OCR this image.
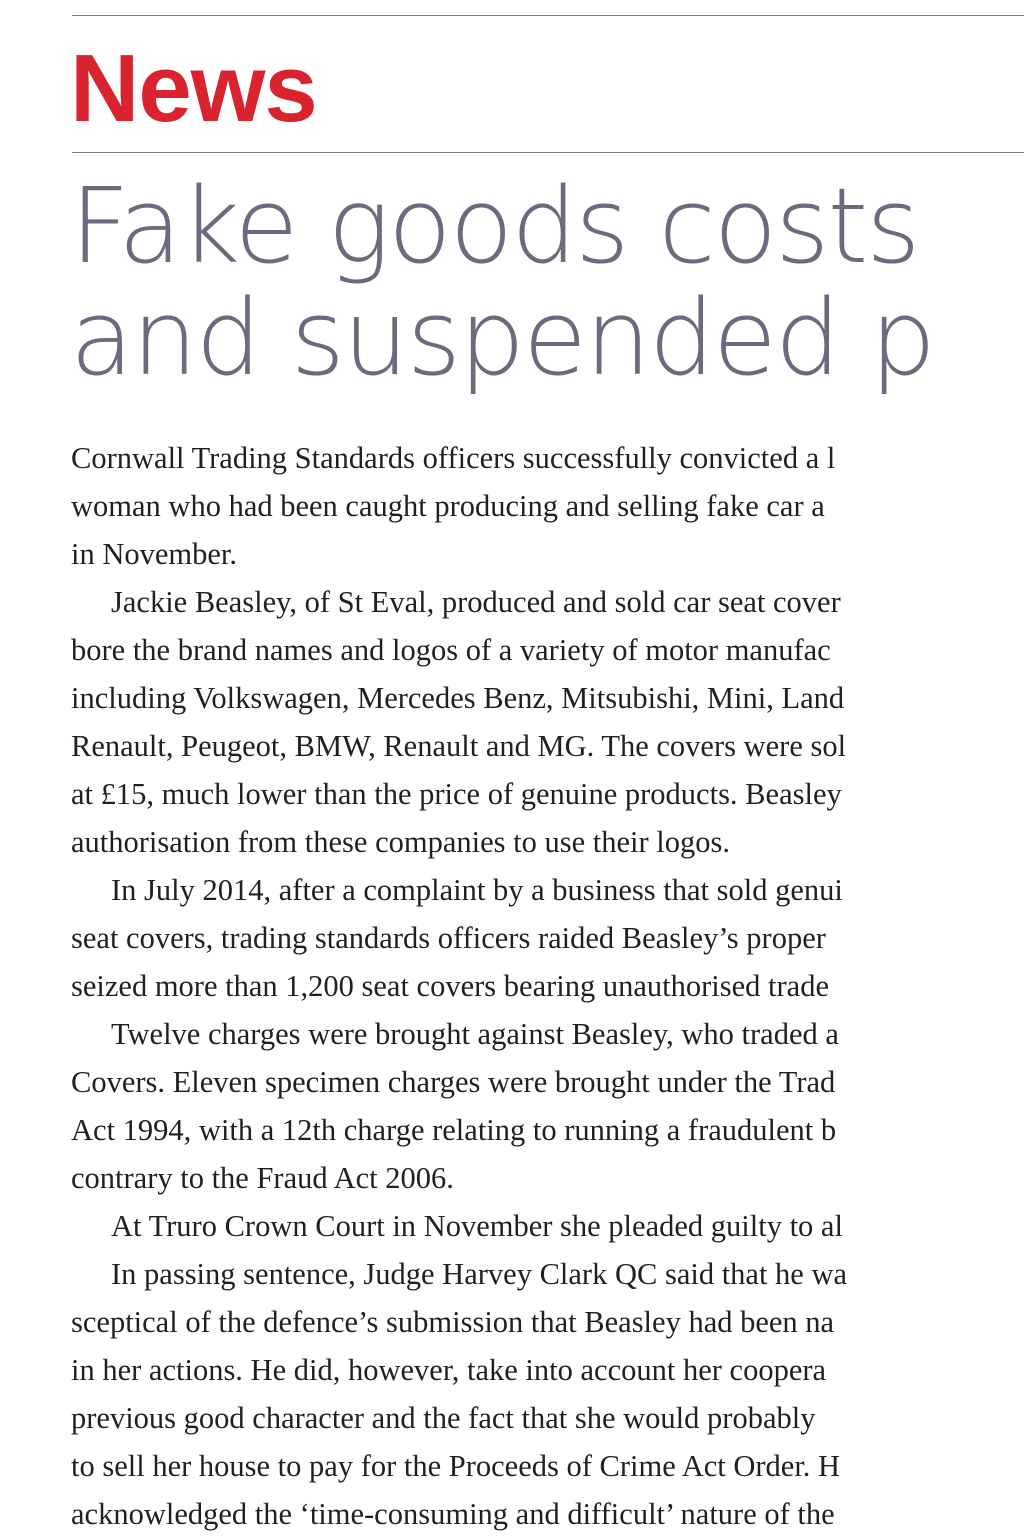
News
Fake goods costs
and suspended p
Cornwall Trading Standards officers successfully convicted a l
woman who had been caught producing and selling fake car a
in November.
Jackie Beasley, of St Eval, produced and sold car seat cover
bore the brand names and logos of a variety of motor manufac
including Volkswagen, Mercedes Benz, Mitsubishi, Mini, Land
Renault, Peugeot, BMW, Renault and MG. The covers were sol
at £15, much lower than the price of genuine products. Beasley
authorisation from these companies to use their logos.
In July 2014, after a complaint by a business that sold genui
seat covers, trading standards officers raided Beasley’s proper
seized more than 1,200 seat covers bearing unauthorised trade
Twelve charges were brought against Beasley, who traded a
Covers. Eleven specimen charges were brought under the Trad
Act 1994, with a 12th charge relating to running a fraudulent b
contrary to the Fraud Act 2006.
At Truro Crown Court in November she pleaded guilty to al
In passing sentence, Judge Harvey Clark QC said that he wa
sceptical of the defence’s submission that Beasley had been na
in her actions. He did, however, take into account her coopera
previous good character and the fact that she would probably
to sell her house to pay for the Proceeds of Crime Act Order. H
acknowledged the ‘time-consuming and difficult’ nature of the
